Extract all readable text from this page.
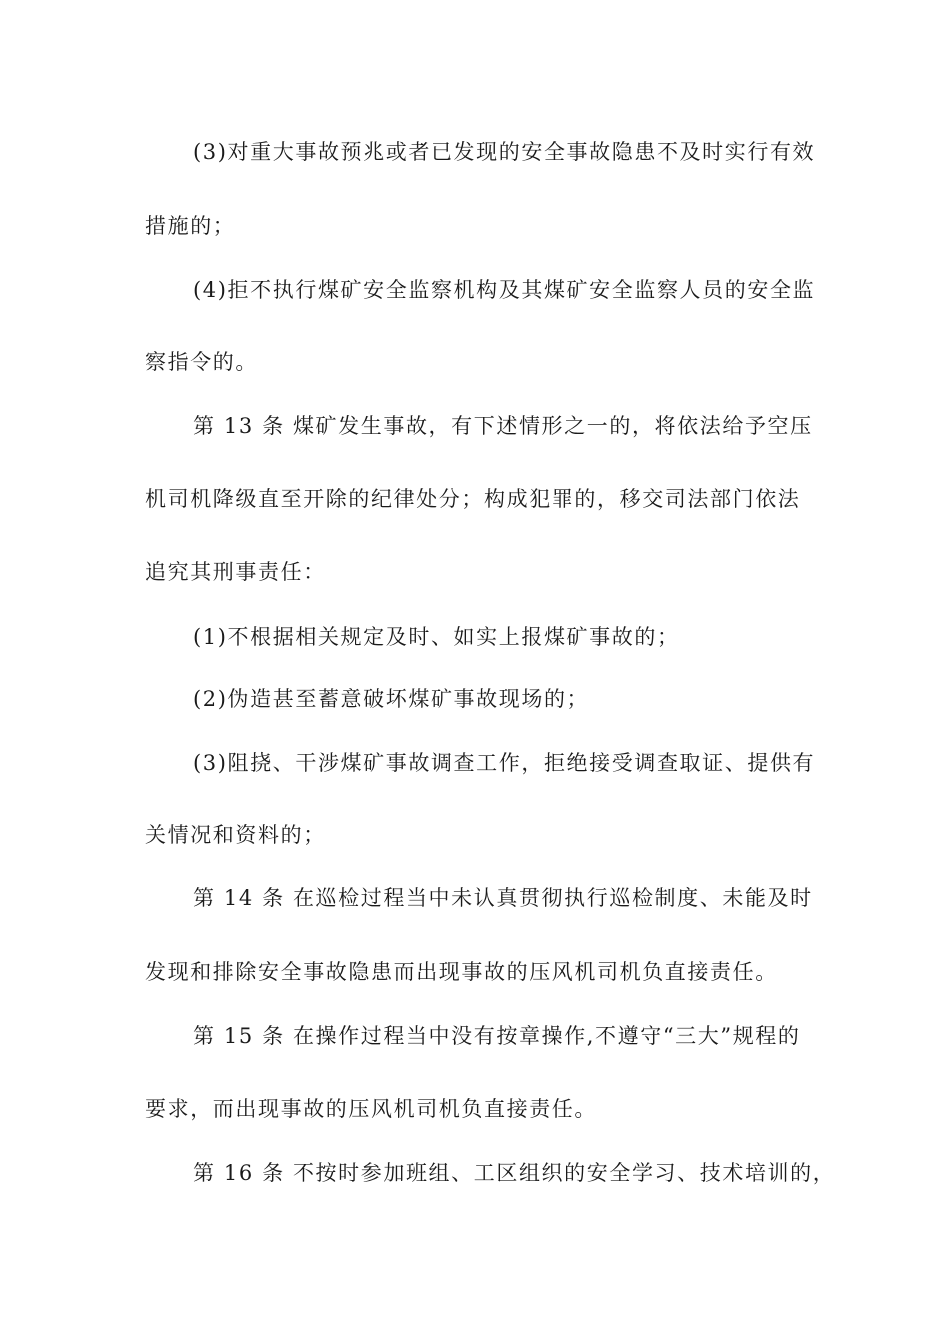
(3)对重大事故预兆或者已发现的安全事故隐患不及时实行有效
措施的；
(4)拒不执行煤矿安全监察机构及其煤矿安全监察人员的安全监
察指令的。
第 13 条 煤矿发生事故，有下述情形之一的，将依法给予空压
机司机降级直至开除的纪律处分；构成犯罪的，移交司法部门依法
追究其刑事责任：
(1)不根据相关规定及时、如实上报煤矿事故的；
(2)伪造甚至蓄意破坏煤矿事故现场的；
(3)阻挠、干涉煤矿事故调查工作，拒绝接受调查取证、提供有
关情况和资料的；
第 14 条 在巡检过程当中未认真贯彻执行巡检制度、未能及时
发现和排除安全事故隐患而出现事故的压风机司机负直接责任。
第 15 条 在操作过程当中没有按章操作,不遵守“三大”规程的
要求，而出现事故的压风机司机负直接责任。
第 16 条 不按时参加班组、工区组织的安全学习、技术培训的，
